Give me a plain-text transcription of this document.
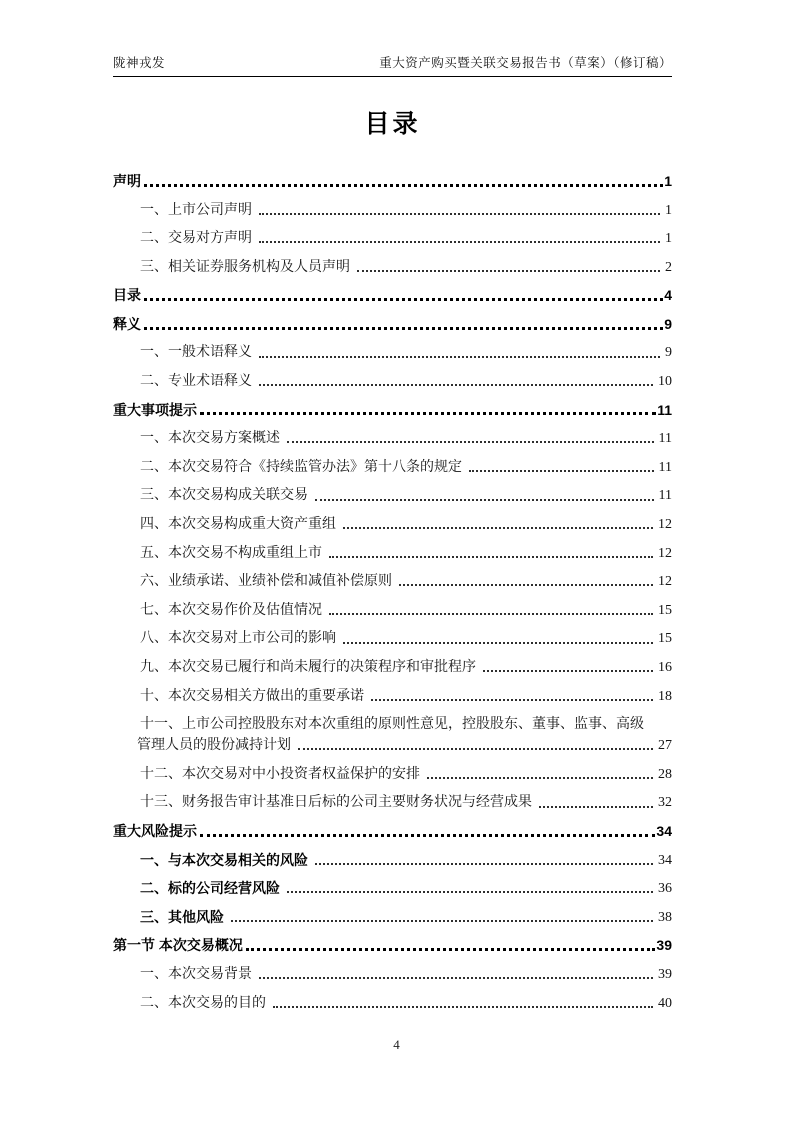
陇神戎发	重大资产购买暨关联交易报告书（草案）（修订稿）
目录
声明	1
一、上市公司声明	1
二、交易对方声明	1
三、相关证券服务机构及人员声明	2
目录	4
释义	9
一、一般术语释义	9
二、专业术语释义	10
重大事项提示	11
一、本次交易方案概述	11
二、本次交易符合《持续监管办法》第十八条的规定	11
三、本次交易构成关联交易	11
四、本次交易构成重大资产重组	12
五、本次交易不构成重组上市	12
六、业绩承诺、业绩补偿和减值补偿原则	12
七、本次交易作价及估值情况	15
八、本次交易对上市公司的影响	15
九、本次交易已履行和尚未履行的决策程序和审批程序	16
十、本次交易相关方做出的重要承诺	18
十一、上市公司控股股东对本次重组的原则性意见，控股股东、董事、监事、高级
管理人员的股份减持计划	27
十二、本次交易对中小投资者权益保护的安排	28
十三、财务报告审计基准日后标的公司主要财务状况与经营成果	32
重大风险提示	34
一、与本次交易相关的风险	34
二、标的公司经营风险	36
三、其他风险	38
第一节 本次交易概况	39
一、本次交易背景	39
二、本次交易的目的	40
4
